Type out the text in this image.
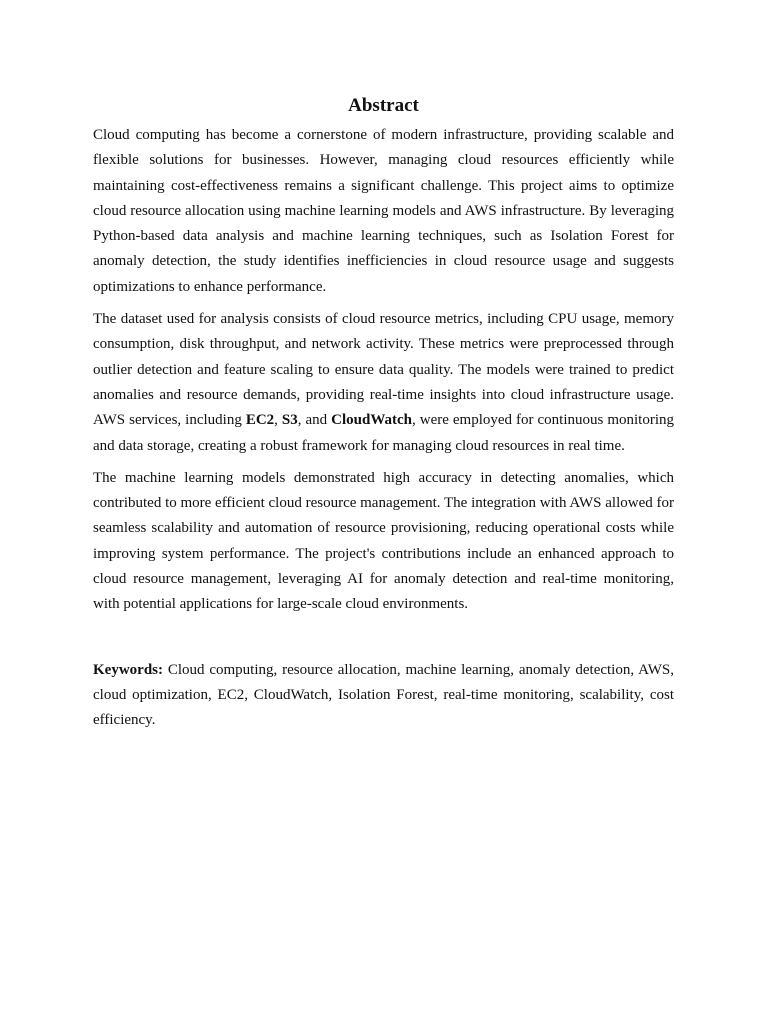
Abstract

Cloud computing has become a cornerstone of modern infrastructure, providing scalable and flexible solutions for businesses. However, managing cloud resources efficiently while maintaining cost-effectiveness remains a significant challenge. This project aims to optimize cloud resource allocation using machine learning models and AWS infrastructure. By leveraging Python-based data analysis and machine learning techniques, such as Isolation Forest for anomaly detection, the study identifies inefficiencies in cloud resource usage and suggests optimizations to enhance performance.

The dataset used for analysis consists of cloud resource metrics, including CPU usage, memory consumption, disk throughput, and network activity. These metrics were preprocessed through outlier detection and feature scaling to ensure data quality. The models were trained to predict anomalies and resource demands, providing real-time insights into cloud infrastructure usage. AWS services, including EC2, S3, and CloudWatch, were employed for continuous monitoring and data storage, creating a robust framework for managing cloud resources in real time.

The machine learning models demonstrated high accuracy in detecting anomalies, which contributed to more efficient cloud resource management. The integration with AWS allowed for seamless scalability and automation of resource provisioning, reducing operational costs while improving system performance. The project's contributions include an enhanced approach to cloud resource management, leveraging AI for anomaly detection and real-time monitoring, with potential applications for large-scale cloud environments.

Keywords: Cloud computing, resource allocation, machine learning, anomaly detection, AWS, cloud optimization, EC2, CloudWatch, Isolation Forest, real-time monitoring, scalability, cost efficiency.
